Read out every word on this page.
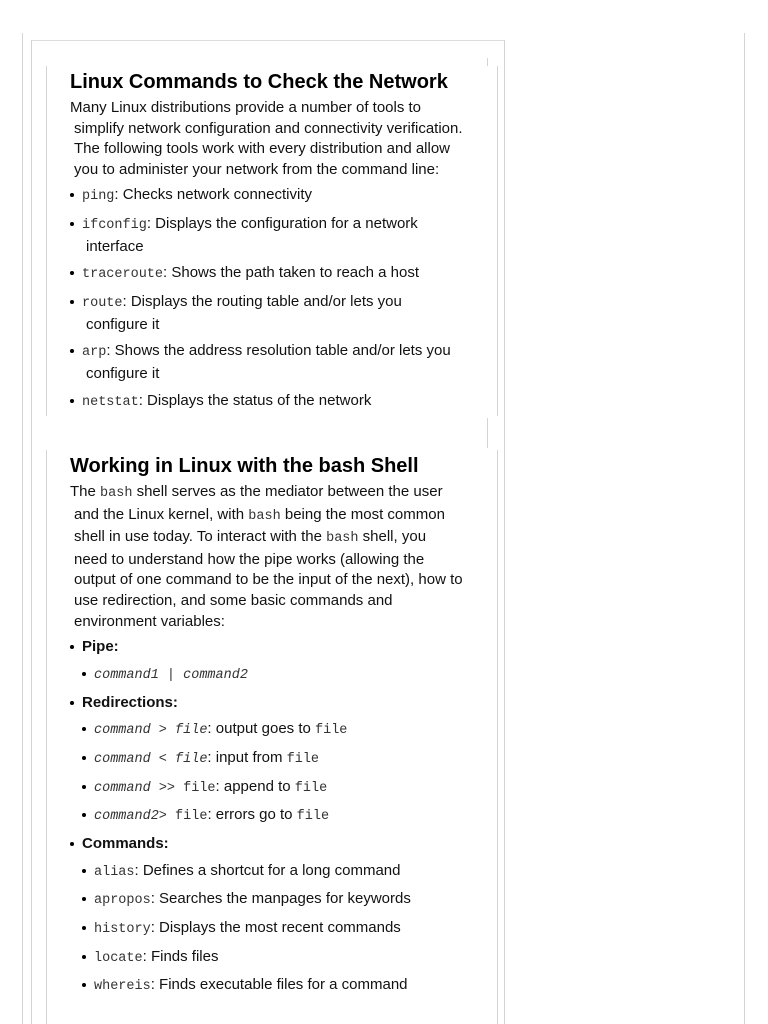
Linux Commands to Check the Network
Many Linux distributions provide a number of tools to
simplify network configuration and connectivity verification.
The following tools work with every distribution and allow
you to administer your network from the command line:
ping: Checks network connectivity
ifconfig: Displays the configuration for a network
interface
traceroute: Shows the path taken to reach a host
route: Displays the routing table and/or lets you
configure it
arp: Shows the address resolution table and/or lets you
configure it
netstat: Displays the status of the network
Working in Linux with the bash Shell
The bash shell serves as the mediator between the user
and the Linux kernel, with bash being the most common
shell in use today. To interact with the bash shell, you
need to understand how the pipe works (allowing the
output of one command to be the input of the next), how to
use redirection, and some basic commands and
environment variables:
Pipe:
command1 | command2
Redirections:
command > file: output goes to file
command < file: input from file
command >> file: append to file
command2> file: errors go to file
Commands:
alias: Defines a shortcut for a long command
apropos: Searches the manpages for keywords
history: Displays the most recent commands
locate: Finds files
whereis: Finds executable files for a command
